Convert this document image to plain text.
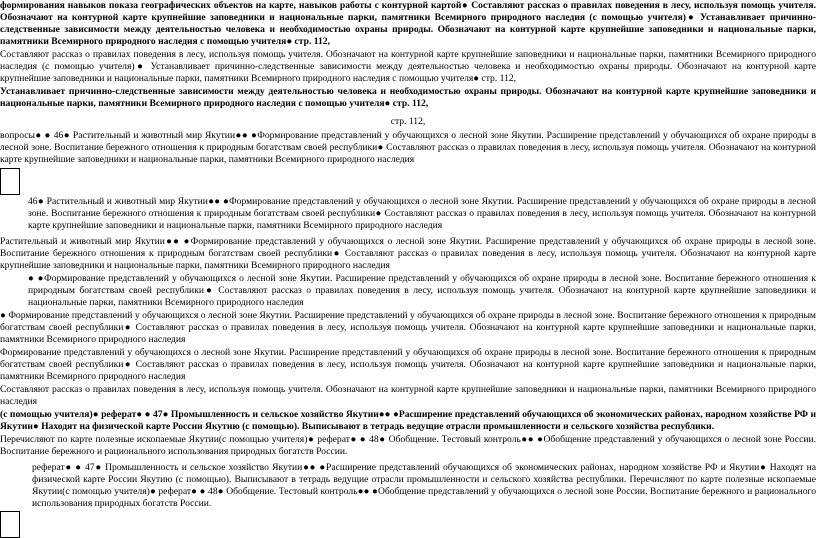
формирования навыков показа географических объектов на карте, навыков работы с контурной картой● Составляют рассказ о правилах поведения в лесу, используя помощь учителя. Обозначают на контурной карте крупнейшие заповедники и национальные парки, памятники Всемирного природного наследия (с помощью учителя)● Устанавливает причинно-следственные зависимости между деятельностью человека и необходимостью охраны природы. Обозначают на контурной карте крупнейшие заповедники и национальные парки, памятники Всемирного природного наследия с помощью учителя● стр. 112,

Составляют рассказ о правилах поведения в лесу, используя помощь учителя. Обозначают на контурной карте крупнейшие заповедники и национальные парки, памятники Всемирного природного наследия (с помощью учителя)● Устанавливает причинно-следственные зависимости между деятельностью человека и необходимостью охраны природы. Обозначают на контурной карте крупнейшие заповедники и национальные парки, памятники Всемирного природного наследия с помощью учителя● стр. 112,

Устанавливает причинно-следственные зависимости между деятельностью человека и необходимостью охраны природы. Обозначают на контурной карте крупнейшие заповедники и национальные парки, памятники Всемирного природного наследия с помощью учителя● стр. 112,

стр. 112,

вопросы● ● 46● Растительный и животный мир Якутии●● ●Формирование представлений у обучающихся о лесной зоне Якутии. Расширение представлений у обучающихся об охране природы в лесной зоне. Воспитание бережного отношения к природным богатствам своей республики● Составляют рассказ о правилах поведения в лесу, используя помощь учителя. Обозначают на контурной карте крупнейшие заповедники и национальные парки, памятники Всемирного природного наследия

46● Растительный и животный мир Якутии●● ●Формирование представлений у обучающихся о лесной зоне Якутии. Расширение представлений у обучающихся об охране природы в лесной зоне. Воспитание бережного отношения к природным богатствам своей республики● Составляют рассказ о правилах поведения в лесу, используя помощь учителя. Обозначают на контурной карте крупнейшие заповедники и национальные парки, памятники Всемирного природного наследия

Растительный и животный мир Якутии●● ●Формирование представлений у обучающихся о лесной зоне Якутии. Расширение представлений у обучающихся об охране природы в лесной зоне. Воспитание бережного отношения к природным богатствам своей республики● Составляют рассказ о правилах поведения в лесу, используя помощь учителя. Обозначают на контурной карте крупнейшие заповедники и национальные парки, памятники Всемирного природного наследия

● ●Формирование представлений у обучающихся о лесной зоне Якутии. Расширение представлений у обучающихся об охране природы в лесной зоне. Воспитание бережного отношения к природным богатствам своей республики● Составляют рассказ о правилах поведения в лесу, используя помощь учителя. Обозначают на контурной карте крупнейшие заповедники и национальные парки, памятники Всемирного природного наследия

● Формирование представлений у обучающихся о лесной зоне Якутии. Расширение представлений у обучающихся об охране природы в лесной зоне. Воспитание бережного отношения к природным богатствам своей республики● Составляют рассказ о правилах поведения в лесу, используя помощь учителя. Обозначают на контурной карте крупнейшие заповедники и национальные парки, памятники Всемирного природного наследия

Формирование представлений у обучающихся о лесной зоне Якутии. Расширение представлений у обучающихся об охране природы в лесной зоне. Воспитание бережного отношения к природным богатствам своей республики● Составляют рассказ о правилах поведения в лесу, используя помощь учителя. Обозначают на контурной карте крупнейшие заповедники и национальные парки, памятники Всемирного природного наследия

Составляют рассказ о правилах поведения в лесу, используя помощь учителя. Обозначают на контурной карте крупнейшие заповедники и национальные парки, памятники Всемирного природного наследия

(с помощью учителя)● реферат● ● 47● Промышленность и сельское хозяйство Якутии●● ●Расширение представлений обучающихся об экономических районах, народном хозяйстве РФ и Якутии● Находят на физической карте России Якутию (с помощью). Выписывают в тетрадь ведущие отрасли промышленности и сельского хозяйства республики.

Перечисляют по карте полезные ископаемые Якутии(с помощью учителя)● реферат● ● 48● Обобщение. Тестовый контроль●● ●Обобщение представлений у обучающихся о лесной зоне России. Воспитание бережного и рационального использования природных богатств России.

реферат● ● 47● Промышленность и сельское хозяйство Якутии●● ●Расширение представлений обучающихся об экономических районах, народном хозяйстве РФ и Якутии● Находят на физической карте России Якутию (с помощью). Выписывают в тетрадь ведущие отрасли промышленности и сельского хозяйства республики. Перечисляют по карте полезные ископаемые Якутии(с помощью учителя)● реферат● ● 48● Обобщение. Тестовый контроль●● ●Обобщение представлений у обучающихся о лесной зоне России. Воспитание бережного и рационального использования природных богатств России.
